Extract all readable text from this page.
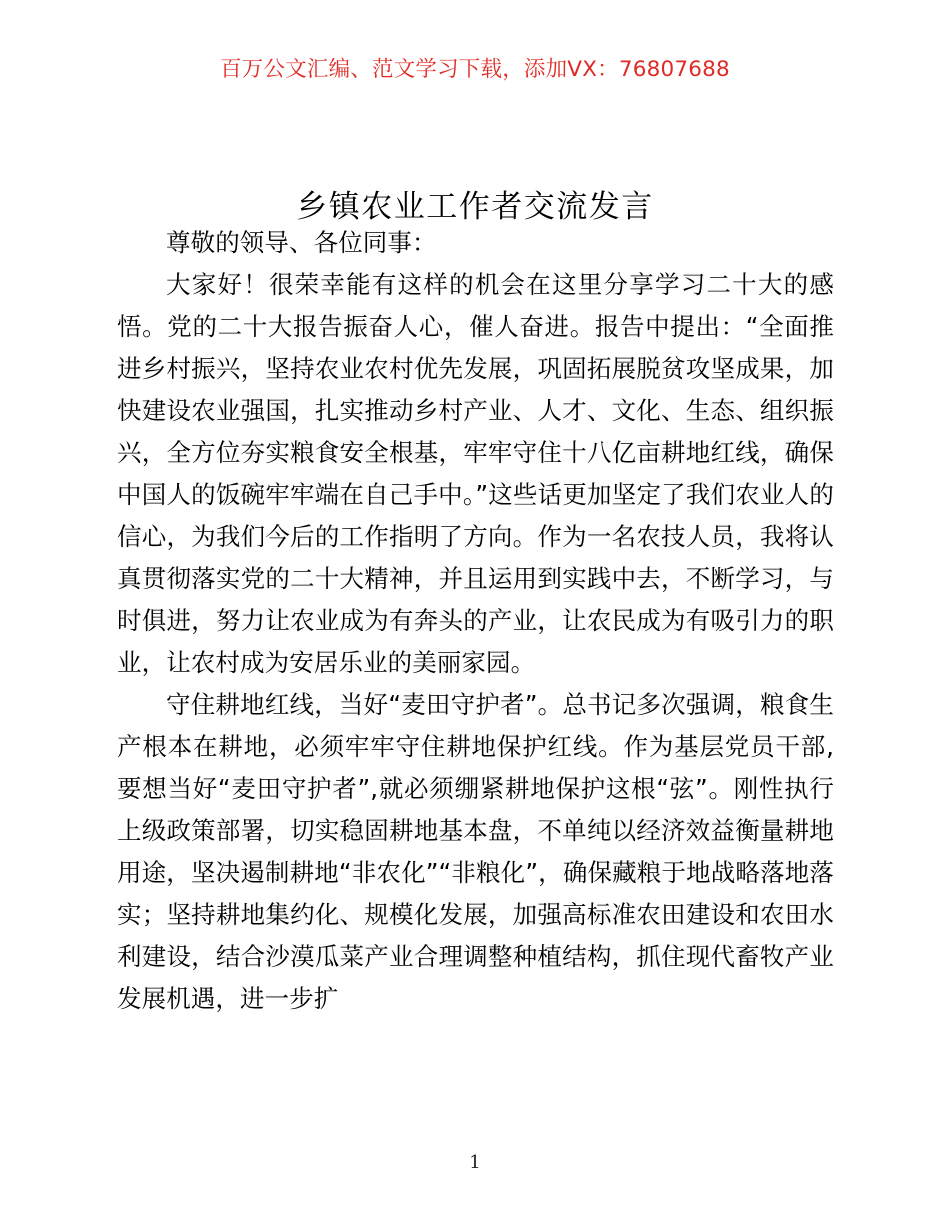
百万公文汇编、范文学习下载，添加VX：76807688
乡镇农业工作者交流发言

尊敬的领导、各位同事：

大家好！很荣幸能有这样的机会在这里分享学习二十大的感悟。党的二十大报告振奋人心，催人奋进。报告中提出：“全面推进乡村振兴，坚持农业农村优先发展，巩固拓展脱贫攻坚成果，加快建设农业强国，扎实推动乡村产业、人才、文化、生态、组织振兴，全方位夯实粮食安全根基，牢牢守住十八亿亩耕地红线，确保中国人的饭碗牢牢端在自己手中。”这些话更加坚定了我们农业人的信心，为我们今后的工作指明了方向。作为一名农技人员，我将认真贯彻落实党的二十大精神，并且运用到实践中去，不断学习，与时俱进，努力让农业成为有奔头的产业，让农民成为有吸引力的职业，让农村成为安居乐业的美丽家园。

守住耕地红线，当好“麦田守护者”。总书记多次强调，粮食生产根本在耕地，必须牢牢守住耕地保护红线。作为基层党员干部,要想当好“麦田守护者”,就必须绷紧耕地保护这根“弦”。刚性执行上级政策部署，切实稳固耕地基本盘，不单纯以经济效益衡量耕地用途，坚决遏制耕地“非农化”“非粮化”，确保藏粮于地战略落地落实；坚持耕地集约化、规模化发展，加强高标准农田建设和农田水利建设，结合沙漠瓜菜产业合理调整种植结构，抓住现代畜牧产业发展机遇，进一步扩

1
